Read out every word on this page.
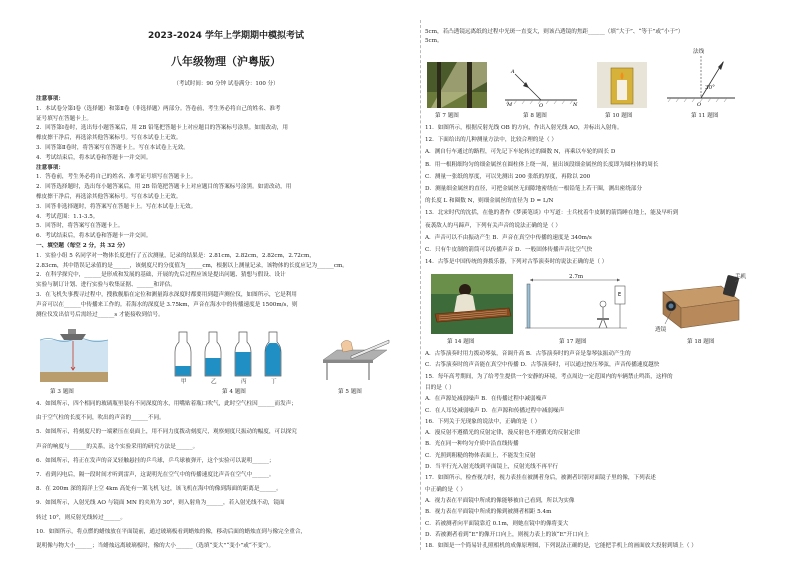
2023-2024 学年上学期期中模拟考试
八年级物理（沪粤版）
（考试时间：90 分钟 试卷满分：100 分）
注意事项：
1．本试卷分第Ⅰ卷（选择题）和第Ⅱ卷（非选择题）两部分。答卷前，考生务必将自己的姓名、准考
证号填写在答题卡上。
2．回答第Ⅰ卷时，选出每小题答案后，用 2B 铅笔把答题卡上对应题目的答案标号涂黑。如需改动，用
橡皮擦干净后，再选涂其他答案标号。写在本试卷上无效。
3．回答第Ⅱ卷时，将答案写在答题卡上。写在本试卷上无效。
4．考试结束后，将本试卷和答题卡一并交回。
注意事项：
1．答卷前，考生务必将自己的姓名、准考证号填写在答题卡上。
2．回答选择题时，选出每小题答案后，用 2B 铅笔把答题卡上对应题目的答案标号涂黑。如需改动，用
橡皮擦干净后，再选涂其他答案标号。写在本试卷上无效。
3．回答非选择题时，将答案写在答题卡上。写在本试卷上无效。
4．考试范围：1.1-3.5。
5．回答时，将答案写在答题卡上。
6．考试结束后，将本试卷和答题卡一并交回。
一、填空题（每空 2 分，共 32 分）
1．实验小组 5 名同学对一物体长度进行了五次测量，记录的结果是：2.81cm，2.82cm，2.82cm，2.72cm，
2.83cm，其中错误记录值的是______，该刻度尺的分度值为______cm，根据以上测量记录，该物体的长度应记为______cm。
2．在科学探究中，______是形成和发展的基础，开展的先后过程应该是提出问题、猜想与假设、设计
实验与制订计划、进行实验与收集证据、______和评估。
3．在飞机失事搜寻过程中，搜救舰船在定位和测量海水深度时都要用到超声测位仪，如图所示，它是利用
声音可以在______中传播来工作的。若海水的深度是 3.75km，声音在海水中的传播速度是 1500m/s，则
测位仪发出信号后需经过______s 才能接收到信号。
第 3 题图
甲	乙	丙	丁
第 4 题图	第 5 题图
4．如图所示，四个相同的玻璃瓶里装有不同深度的水，用嘴贴着瓶口吹气，此时空气柱因______而发声；
由于空气柱的长度不同，吹出的声音的______不同。
5．如图所示，将刻度尺的一端紧压在桌面上，用不同力度拨动刻度尺，观察刻度尺振动的幅度，可以探究
声音的响度与______的关系，这个实验采用的研究方法是______。
6．如图所示，将正在发声的音叉轻触悬挂的乒乓球，乒乓球被弹开，这个实验可以说明______；
7．看到闪电后，隔一段时间才听到雷声，这说明光在空气中的传播速度比声音在空气中______。
8．在 200m 深的海洋上空 4km 高处有一架飞机飞过，该飞机在海中的像到海面的距离是______。
9．如图所示，入射光线 AO 与镜面 MN 的夹角为 30°，则入射角为______，若入射光线不动，镜面
转过 10°，则反射光线转过______。
10．如图所示，将点燃的蜡烛放在平面镜前，通过玻璃板看到蜡烛的像，移动后面的蜡烛直到与像完全重合，
说明像与物大小______；当蜡烛远离玻璃板时，像的大小______（选填“变大”“变小”或“不变”）。
5cm，若凸透镜远离纸的过程中光斑一直变大，则该凸透镜的焦距______（填“大于”、“等于”或“小于”）
5cm。
第 7 题图
M	N
O
A
第 8 题图	第 10 题图
O
法线
30°
第 11 题图
11．如图所示，根据反射光线 OB 的方向，作出入射光线 AO，并标出入射角。
12．下面给出的几种测量方法中，比较合理的是（ ）
A．测自行车通过的路程，可先记下车轮转过的圈数 N，再乘以车轮的周长 D
B．用一根粗细均匀的细金属丝在圆柱体上绕一周，量出该段细金属丝的长度即为圆柱体的周长
C．测量一张纸的厚度，可以先测出 200 张纸的厚度，再除以 200
D．测量细金属丝的直径，可把金属丝无间隙地密绕在一根铅笔上若干圈，测出密绕部分
的长度 L 和圈数 N，则细金属丝的直径为 D = L/N
13．北宋时代的沈括，在他的著作《梦溪笔谈》中写道：士兵枕着牛皮制的箭筒睡在地上，能及早听到
夜袭敌人的马蹄声，下列有关声音的说法正确的是（ ）
A．声音可以不由振动产生 B．声音在真空中传播的速度是 340m/s
C．只有牛皮制的箭筒可以传播声音 D．一般固体传播声音比空气快
14．古筝是中国传统的弹拨乐器，下列对古筝演奏时的说法正确的是（ ）
第 14 题图
E
2.7m
第 17 题图
手机
透镜
第 18 题图
A．古筝演奏时用力拨动琴弦，音调升高 B．古筝演奏时的声音是靠琴弦振动产生的
C．古筝演奏时的声音能在真空中传播 D．古筝演奏时，可以通过按压琴弦，声音传播速度越快
15．每年高考期间，为了给考生提供一个安静的环境，考点周边一定范围内的车辆禁止鸣笛，这样的
目的是（ ）
A．在声源处减弱噪声 B．在传播过程中减弱噪声
C．在人耳处减弱噪声 D．在声源和传播过程中减弱噪声
16．下列关于光现象的说法中，正确的是（ ）
A．漫反射不遵循光的反射定律，漫反射也不遵循光的反射定律
B．光在同一种均匀介质中沿直线传播
C．光照到粗糙的物体表面上，不能发生反射
D．当平行光入射光线到平面镜上，反射光线不再平行
17．如图所示，检查视力时，视力表挂在被测者身后，被测者识别对面镜子里的像，下列表述
中正确的是（ ）
A．视力表在平面镜中所成的像能够被自己看到，所以为实像
B．视力表在平面镜中所成的像到被测者相距 5.4m
C．若被测者向平面镜靠近 0.1m，则她在镜中的像将变大
D．若被测者看到“E”的像开口向上，则视力表上的该“E”开口向上
18．如图是一个简易针孔照相机的成像原理图，下列说法正确的是，它能把手机上的画面放大投射到墙上（ ）
